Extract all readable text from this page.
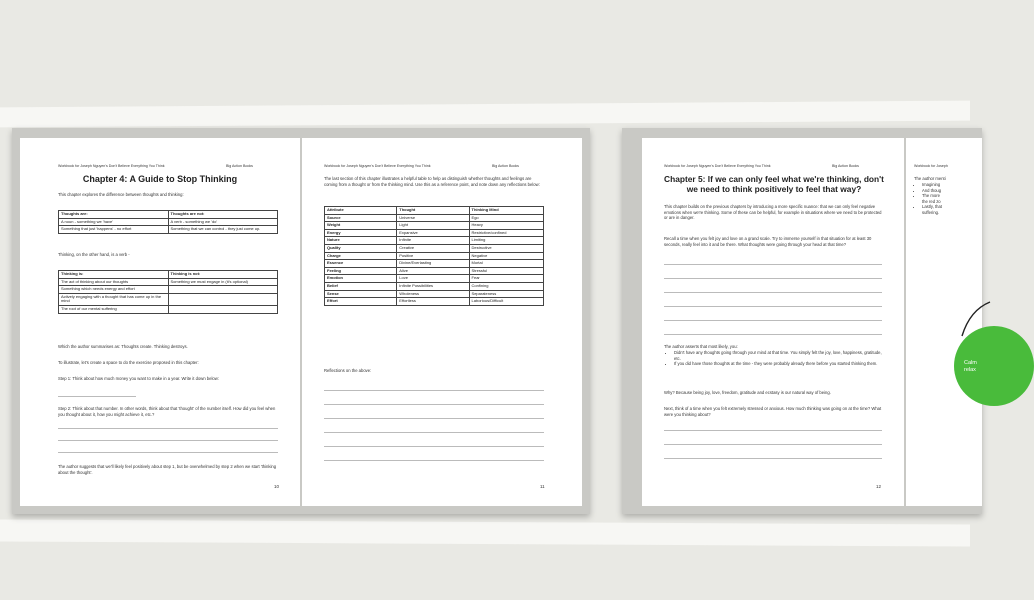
Workbook for Joseph Nguyen's Don't Believe Everything You Think	Big Action Books
Chapter 4: A Guide to Stop Thinking
This chapter explores the difference between thoughts and thinking:
Thoughts are:	Thoughts are not:
A noun - something we 'have'	A verb - something we 'do'
Something that just 'happens' - no effort	Something that we can control - they just come up.
Thinking, on the other hand, is a verb -
Thinking is:	Thinking is not:
The act of thinking about our thoughts	Something we must engage in (it's optional)
Something which needs energy and effort	
Actively engaging with a thought that has come up in the mind	
The root of our mental suffering	
Which the author summarises as: Thoughts create. Thinking destroys.
To illustrate, let's create a space to do the exercise proposed in this chapter:
Step 1: Think about how much money you want to make in a year. Write it down below:
Step 2: Think about that number. In other words, think about that 'thought' of the number itself. How did you feel when you thought about it, how you might achieve it, etc.?
The author suggests that we'll likely feel positively about step 1, but be overwhelmed by step 2 when we start 'thinking about the thought'.
10
Workbook for Joseph Nguyen's Don't Believe Everything You Think	Big Action Books
The last section of this chapter illustrates a helpful table to help as distinguish whether thoughts and feelings are coming from a thought or from the thinking mind. Use this as a reference point, and note down any reflections below:
Attribute	Thought	Thinking Mind
Source	Universe	Ego
Weight	Light	Heavy
Energy	Expansive	Restrictive/confined
Nature	Infinite	Limiting
Quality	Creative	Destructive
Charge	Positive	Negative
Essence	Divine/Everlasting	Mortal
Feeling	Alive	Stressful
Emotion	Love	Fear
Belief	Infinite Possibilities	Confining
Sense	Wholeness	Separateness
Effort	Effortless	Laborious/Difficult
Reflections on the above:
11
Workbook for Joseph Nguyen's Don't Believe Everything You Think	Big Action Books
Chapter 5: If we can only feel what we're thinking, don't we need to think positively to feel that way?
This chapter builds on the previous chapters by introducing a more specific nuance: that we can only feel negative emotions when we're thinking. Some of these can be helpful, for example in situations where we need to be protected or are in danger.
Recall a time when you felt joy and love on a grand scale. Try to immerse yourself in that situation for at least 30 seconds, really feel into it and be there. What thoughts were going through your head at that time?
The author asserts that most likely, you:
• Didn't have any thoughts going through your mind at that time. You simply felt the joy, love, happiness, gratitude, etc.
• If you did have those thoughts at the time - they were probably already there before you started thinking them.
Why? Because being joy, love, freedom, gratitude and ecstasy is our natural way of being.
Next, think of a time when you felt extremely stressed or anxious. How much thinking was going on at the time? What were you thinking about?
12
Workbook for Joseph
The author menti
• Imagining
• And thoug
• The more
the red zo
• Lastly, that
suffering.
Calm
relax
